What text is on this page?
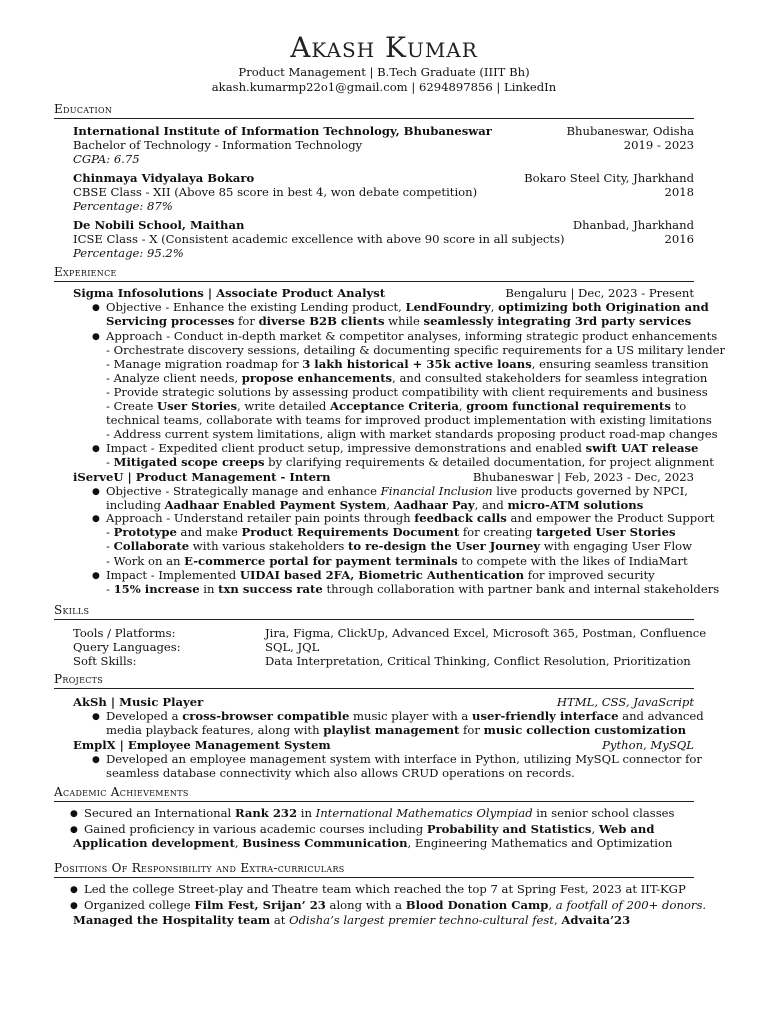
Akash Kumar
Product Management | B.Tech Graduate (IIIT Bh)
akash.kumarmp22o1@gmail.com | 6294897856 | LinkedIn
Education
International Institute of Information Technology, Bhubaneswar	Bhubaneswar, Odisha
Bachelor of Technology - Information Technology	2019 - 2023
CGPA: 6.75
Chinmaya Vidyalaya Bokaro	Bokaro Steel City, Jharkhand
CBSE Class - XII (Above 85 score in best 4, won debate competition)	2018
Percentage: 87%
De Nobili School, Maithan	Dhanbad, Jharkhand
ICSE Class - X (Consistent academic excellence with above 90 score in all subjects)	2016
Percentage: 95.2%
Experience
Sigma Infosolutions | Associate Product Analyst	Bengaluru | Dec, 2023 - Present
● Objective - Enhance the existing Lending product, LendFoundry, optimizing both Origination and
Servicing processes for diverse B2B clients while seamlessly integrating 3rd party services
● Approach - Conduct in-depth market & competitor analyses, informing strategic product enhancements
- Orchestrate discovery sessions, detailing & documenting specific requirements for a US military lender
- Manage migration roadmap for 3 lakh historical + 35k active loans, ensuring seamless transition
- Analyze client needs, propose enhancements, and consulted stakeholders for seamless integration
- Provide strategic solutions by assessing product compatibility with client requirements and business
- Create User Stories, write detailed Acceptance Criteria, groom functional requirements to
technical teams, collaborate with teams for improved product implementation with existing limitations
- Address current system limitations, align with market standards proposing product road-map changes
● Impact - Expedited client product setup, impressive demonstrations and enabled swift UAT release
- Mitigated scope creeps by clarifying requirements & detailed documentation, for project alignment
iServeU | Product Management - Intern	Bhubaneswar | Feb, 2023 - Dec, 2023
● Objective - Strategically manage and enhance Financial Inclusion live products governed by NPCI,
including Aadhaar Enabled Payment System, Aadhaar Pay, and micro-ATM solutions
● Approach - Understand retailer pain points through feedback calls and empower the Product Support
- Prototype and make Product Requirements Document for creating targeted User Stories
- Collaborate with various stakeholders to re-design the User Journey with engaging User Flow
- Work on an E-commerce portal for payment terminals to compete with the likes of IndiaMart
● Impact - Implemented UIDAI based 2FA, Biometric Authentication for improved security
- 15% increase in txn success rate through collaboration with partner bank and internal stakeholders
Skills
Tools / Platforms:	Jira, Figma, ClickUp, Advanced Excel, Microsoft 365, Postman, Confluence
Query Languages:	SQL, JQL
Soft Skills:	Data Interpretation, Critical Thinking, Conflict Resolution, Prioritization
Projects
AkSh | Music Player	HTML, CSS, JavaScript
● Developed a cross-browser compatible music player with a user-friendly interface and advanced
media playback features, along with playlist management for music collection customization
EmplX | Employee Management System	Python, MySQL
● Developed an employee management system with interface in Python, utilizing MySQL connector for
seamless database connectivity which also allows CRUD operations on records.
Academic Achievements
● Secured an International Rank 232 in International Mathematics Olympiad in senior school classes
● Gained proficiency in various academic courses including Probability and Statistics, Web and
Application development, Business Communication, Engineering Mathematics and Optimization
Positions Of Responsibility and Extra-curriculars
● Led the college Street-play and Theatre team which reached the top 7 at Spring Fest, 2023 at IIT-KGP
● Organized college Film Fest, Srijan’ 23 along with a Blood Donation Camp, a footfall of 200+ donors.
Managed the Hospitality team at Odisha’s largest premier techno-cultural fest, Advaita’23
